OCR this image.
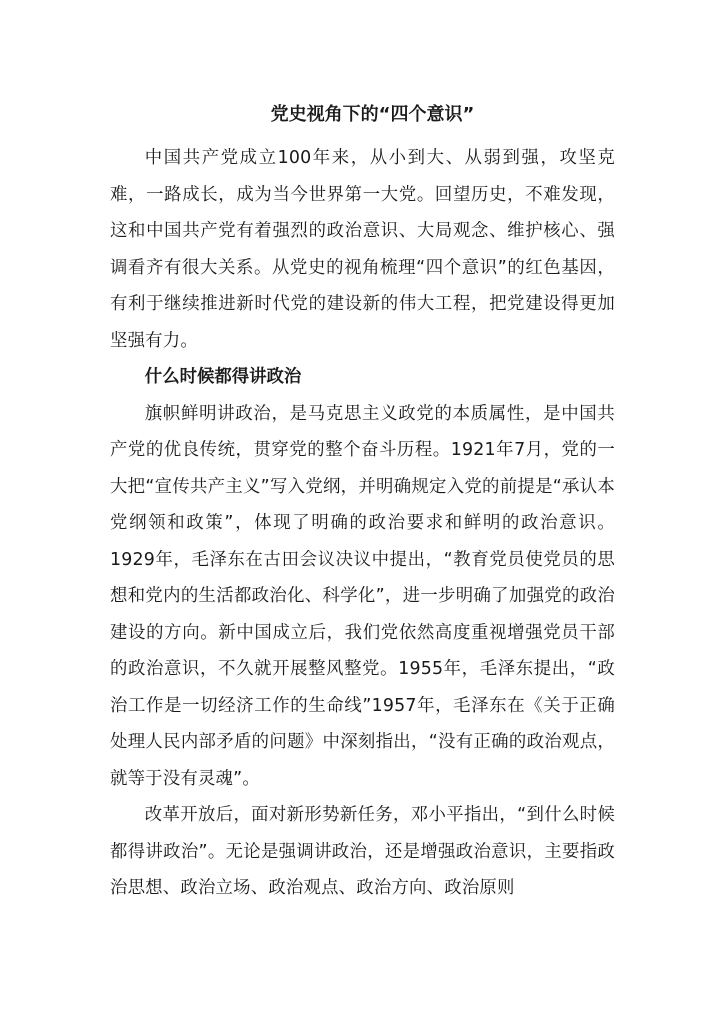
党史视角下的“四个意识”

中国共产党成立100年来，从小到大、从弱到强，攻坚克难，一路成长，成为当今世界第一大党。回望历史，不难发现，这和中国共产党有着强烈的政治意识、大局观念、维护核心、强调看齐有很大关系。从党史的视角梳理“四个意识”的红色基因，有利于继续推进新时代党的建设新的伟大工程，把党建设得更加坚强有力。

什么时候都得讲政治

旗帜鲜明讲政治，是马克思主义政党的本质属性，是中国共产党的优良传统，贯穿党的整个奋斗历程。1921年7月，党的一大把“宣传共产主义”写入党纲，并明确规定入党的前提是“承认本党纲领和政策”，体现了明确的政治要求和鲜明的政治意识。1929年，毛泽东在古田会议决议中提出，“教育党员使党员的思想和党内的生活都政治化、科学化”，进一步明确了加强党的政治建设的方向。新中国成立后，我们党依然高度重视增强党员干部的政治意识，不久就开展整风整党。1955年，毛泽东提出，“政治工作是一切经济工作的生命线”1957年，毛泽东在《关于正确处理人民内部矛盾的问题》中深刻指出，“没有正确的政治观点，就等于没有灵魂”。

改革开放后，面对新形势新任务，邓小平指出，“到什么时候都得讲政治”。无论是强调讲政治，还是增强政治意识，主要指政治思想、政治立场、政治观点、政治方向、政治原则
